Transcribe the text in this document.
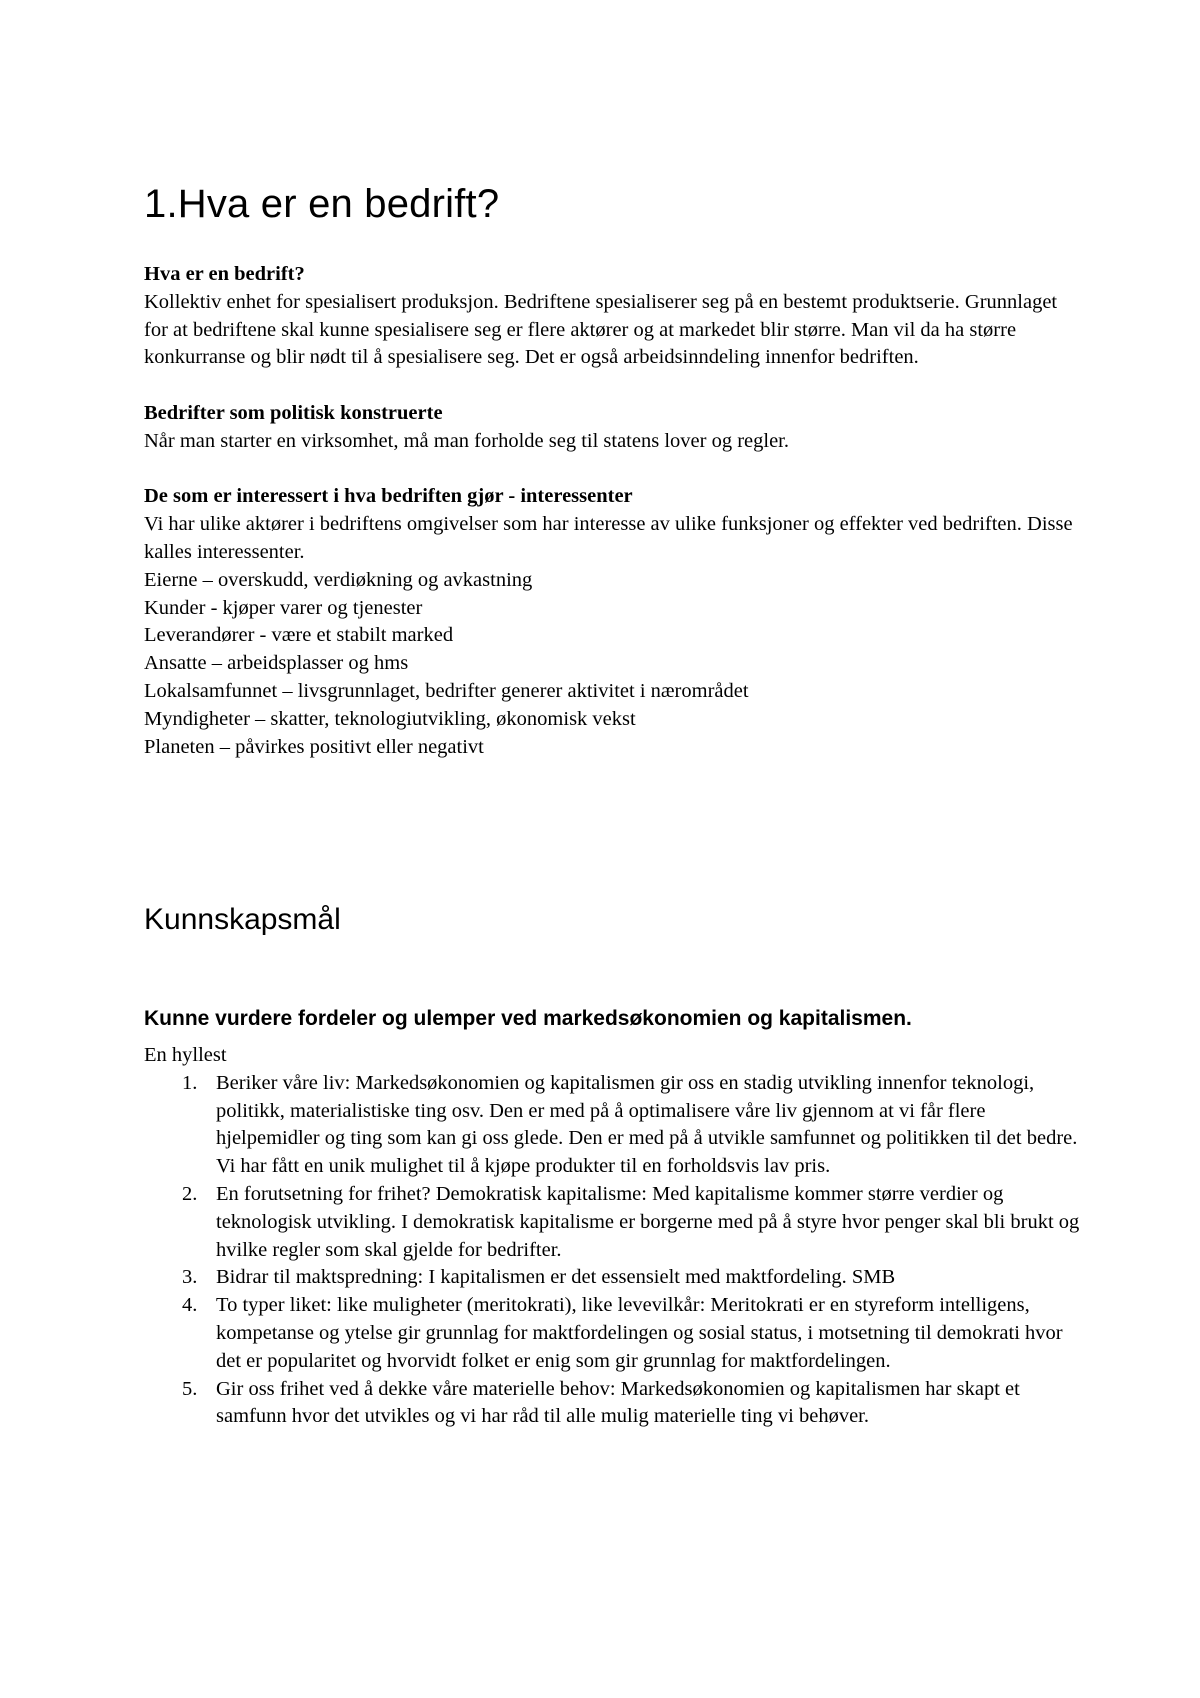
1.Hva er en bedrift?
Hva er en bedrift?
Kollektiv enhet for spesialisert produksjon. Bedriftene spesialiserer seg på en bestemt produktserie. Grunnlaget for at bedriftene skal kunne spesialisere seg er flere aktører og at markedet blir større. Man vil da ha større konkurranse og blir nødt til å spesialisere seg. Det er også arbeidsinndeling innenfor bedriften.
Bedrifter som politisk konstruerte
Når man starter en virksomhet, må man forholde seg til statens lover og regler.
De som er interessert i hva bedriften gjør - interessenter
Vi har ulike aktører i bedriftens omgivelser som har interesse av ulike funksjoner og effekter ved bedriften. Disse kalles interessenter.
Eierne – overskudd, verdiøkning og avkastning
Kunder - kjøper varer og tjenester
Leverandører - være et stabilt marked
Ansatte – arbeidsplasser og hms
Lokalsamfunnet – livsgrunnlaget, bedrifter generer aktivitet i nærområdet
Myndigheter – skatter, teknologiutvikling, økonomisk vekst
Planeten – påvirkes positivt eller negativt
Kunnskapsmål
Kunne vurdere fordeler og ulemper ved markedsøkonomien og kapitalismen.
En hyllest
1. Beriker våre liv: Markedsøkonomien og kapitalismen gir oss en stadig utvikling innenfor teknologi, politikk, materialistiske ting osv. Den er med på å optimalisere våre liv gjennom at vi får flere hjelpemidler og ting som kan gi oss glede. Den er med på å utvikle samfunnet og politikken til det bedre. Vi har fått en unik mulighet til å kjøpe produkter til en forholdsvis lav pris.
2. En forutsetning for frihet? Demokratisk kapitalisme: Med kapitalisme kommer større verdier og teknologisk utvikling. I demokratisk kapitalisme er borgerne med på å styre hvor penger skal bli brukt og hvilke regler som skal gjelde for bedrifter.
3. Bidrar til maktspredning: I kapitalismen er det essensielt med maktfordeling. SMB
4. To typer liket: like muligheter (meritokrati), like levevilkår: Meritokrati er en styreform intelligens, kompetanse og ytelse gir grunnlag for maktfordelingen og sosial status, i motsetning til demokrati hvor det er popularitet og hvorvidt folket er enig som gir grunnlag for maktfordelingen.
5. Gir oss frihet ved å dekke våre materielle behov: Markedsøkonomien og kapitalismen har skapt et samfunn hvor det utvikles og vi har råd til alle mulig materielle ting vi behøver.
